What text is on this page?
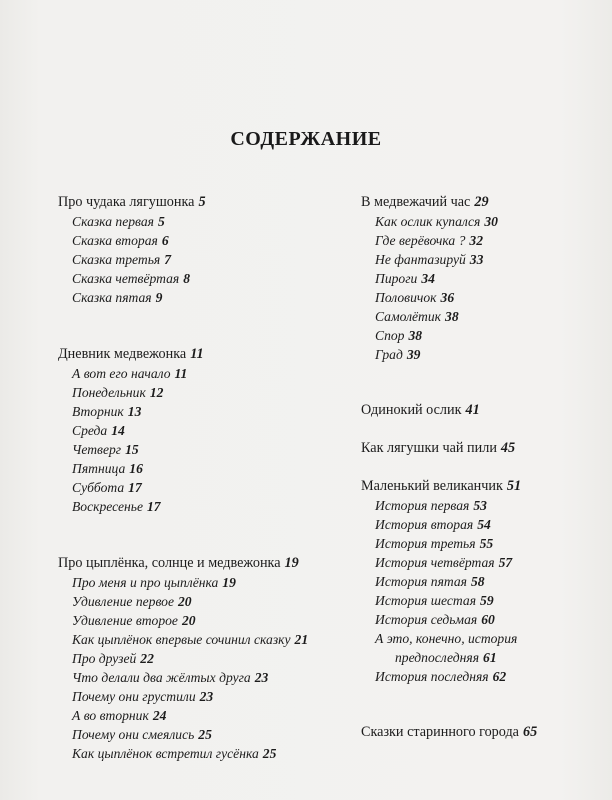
СОДЕРЖАНИЕ
Про чудака лягушонка 5
Сказка первая 5
Сказка вторая 6
Сказка третья 7
Сказка четвёртая 8
Сказка пятая 9
Дневник медвежонка 11
А вот его начало 11
Понедельник 12
Вторник 13
Среда 14
Четверг 15
Пятница 16
Суббота 17
Воскресенье 17
Про цыплёнка, солнце и медвежонка 19
Про меня и про цыплёнка 19
Удивление первое 20
Удивление второе 20
Как цыплёнок впервые сочинил сказку 21
Про друзей 22
Что делали два жёлтых друга 23
Почему они грустили 23
А во вторник 24
Почему они смеялись 25
Как цыплёнок встретил гусёнка 25
В медвежачий час 29
Как ослик купался 30
Где верёвочка ? 32
Не фантазируй 33
Пироги 34
Половичок 36
Самолётик 38
Спор 38
Град 39
Одинокий ослик 41
Как лягушки чай пили 45
Маленький великанчик 51
История первая 53
История вторая 54
История третья 55
История четвёртая 57
История пятая 58
История шестая 59
История седьмая 60
А это, конечно, история
предпоследняя 61
История последняя 62
Сказки старинного города 65
